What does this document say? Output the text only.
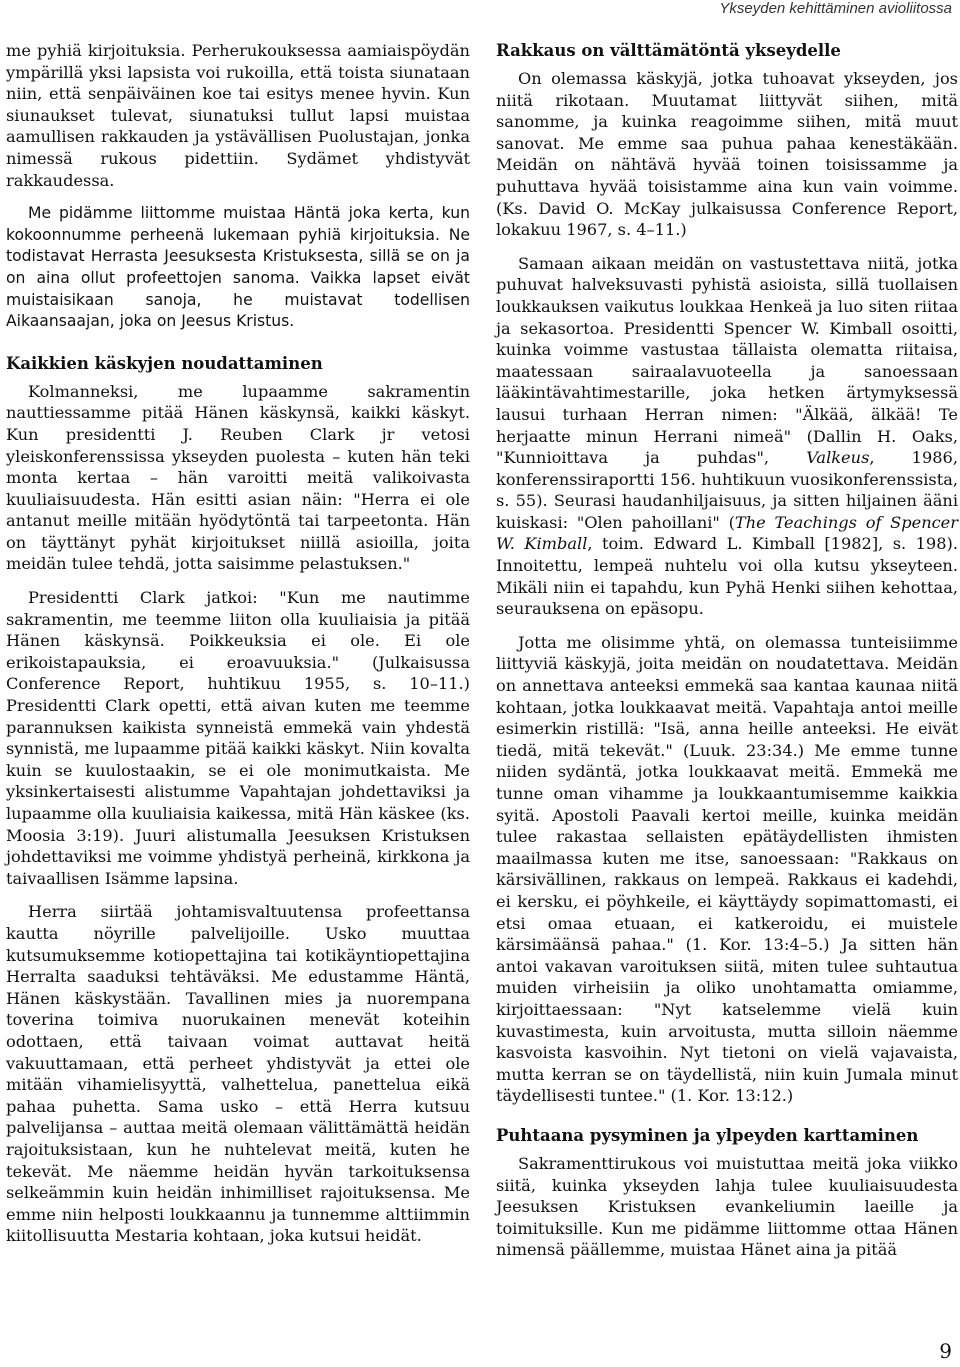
Ykseyden kehittäminen avioliitossa

me pyhiä kirjoituksia. Perherukouksessa aamiaispöydän ympärillä yksi lapsista voi rukoilla, että toista siunataan niin, että senpäiväinen koe tai esitys menee hyvin. Kun siunaukset tulevat, siunatuksi tullut lapsi muistaa aamullisen rakkauden ja ystävällisen Puolustajan, jonka nimessä rukous pidettiin. Sydämet yhdistyvät rakkaudessa.

Me pidämme liittomme muistaa Häntä joka kerta, kun kokoonnumme perheenä lukemaan pyhiä kirjoituksia. Ne todistavat Herrasta Jeesuksesta Kristuksesta, sillä se on ja on aina ollut profeettojen sanoma. Vaikka lapset eivät muistaisikaan sanoja, he muistavat todellisen Aikaansaajan, joka on Jeesus Kristus.

Kaikkien käskyjen noudattaminen

Kolmanneksi, me lupaamme sakramentin nauttiessamme pitää Hänen käskynsä, kaikki käskyt. Kun presidentti J. Reuben Clark jr vetosi yleiskonferenssissa ykseyden puolesta – kuten hän teki monta kertaa – hän varoitti meitä valikoivasta kuuliaisuudesta. Hän esitti asian näin: "Herra ei ole antanut meille mitään hyödytöntä tai tarpeetonta. Hän on täyttänyt pyhät kirjoitukset niillä asioilla, joita meidän tulee tehdä, jotta saisimme pelastuksen."

Presidentti Clark jatkoi: "Kun me nautimme sakramentin, me teemme liiton olla kuuliaisia ja pitää Hänen käskynsä. Poikkeuksia ei ole. Ei ole erikoistapauksia, ei eroavuuksia." (Julkaisussa Conference Report, huhtikuu 1955, s. 10–11.) Presidentti Clark opetti, että aivan kuten me teemme parannuksen kaikista synneistä emmekä vain yhdestä synnistä, me lupaamme pitää kaikki käskyt. Niin kovalta kuin se kuulostaakin, se ei ole monimutkaista. Me yksinkertaisesti alistumme Vapahtajan johdettaviksi ja lupaamme olla kuuliaisia kaikessa, mitä Hän käskee (ks. Moosia 3:19). Juuri alistumalla Jeesuksen Kristuksen johdettaviksi me voimme yhdistyä perheinä, kirkkona ja taivaallisen Isämme lapsina.

Herra siirtää johtamisvaltuutensa profeettansa kautta nöyrille palvelijoille. Usko muuttaa kutsumuksemme kotiopettajina tai kotikäyntiopettajina Herralta saaduksi tehtäväksi. Me edustamme Häntä, Hänen käskystään. Tavallinen mies ja nuorempana toverina toimiva nuorukainen menevät koteihin odottaen, että taivaan voimat auttavat heitä vakuuttamaan, että perheet yhdistyvät ja ettei ole mitään vihamielisyyttä, valhettelua, panettelua eikä pahaa puhetta. Sama usko – että Herra kutsuu palvelijansa – auttaa meitä olemaan välittämättä heidän rajoituksistaan, kun he nuhtelevat meitä, kuten he tekevät. Me näemme heidän hyvän tarkoituksensa selkeämmin kuin heidän inhimilliset rajoituksensa. Me emme niin helposti loukkaannu ja tunnemme alttiimmin kiitollisuutta Mestaria kohtaan, joka kutsui heidät.

Rakkaus on välttämätöntä ykseydelle

On olemassa käskyjä, jotka tuhoavat ykseyden, jos niitä rikotaan. Muutamat liittyvät siihen, mitä sanomme, ja kuinka reagoimme siihen, mitä muut sanovat. Me emme saa puhua pahaa kenestäkään. Meidän on nähtävä hyvää toinen toisissamme ja puhuttava hyvää toisistamme aina kun vain voimme. (Ks. David O. McKay julkaisussa Conference Report, lokakuu 1967, s. 4–11.)

Samaan aikaan meidän on vastustettava niitä, jotka puhuvat halveksuvasti pyhistä asioista, sillä tuollaisen loukkauksen vaikutus loukkaa Henkeä ja luo siten riitaa ja sekasortoa. Presidentti Spencer W. Kimball osoitti, kuinka voimme vastustaa tällaista olematta riitaisa, maatessaan sairaalavuoteella ja sanoessaan lääkintävahtimestarille, joka hetken ärtymyksessä lausui turhaan Herran nimen: "Älkää, älkää! Te herjaatte minun Herrani nimeä" (Dallin H. Oaks, "Kunnioittava ja puhdas", Valkeus, 1986, konferenssiraportti 156. huhtikuun vuosikonferenssista, s. 55). Seurasi haudanhiljaisuus, ja sitten hiljainen ääni kuiskasi: "Olen pahoillani" (The Teachings of Spencer W. Kimball, toim. Edward L. Kimball [1982], s. 198). Innoitettu, lempeä nuhtelu voi olla kutsu ykseyteen. Mikäli niin ei tapahdu, kun Pyhä Henki siihen kehottaa, seurauksena on epäsopu.

Jotta me olisimme yhtä, on olemassa tunteisiimme liittyviä käskyjä, joita meidän on noudatettava. Meidän on annettava anteeksi emmekä saa kantaa kaunaa niitä kohtaan, jotka loukkaavat meitä. Vapahtaja antoi meille esimerkin ristillä: "Isä, anna heille anteeksi. He eivät tiedä, mitä tekevät." (Luuk. 23:34.) Me emme tunne niiden sydäntä, jotka loukkaavat meitä. Emmekä me tunne oman vihamme ja loukkaantumisemme kaikkia syitä. Apostoli Paavali kertoi meille, kuinka meidän tulee rakastaa sellaisten epätäydellisten ihmisten maailmassa kuten me itse, sanoessaan: "Rakkaus on kärsivällinen, rakkaus on lempeä. Rakkaus ei kadehdi, ei kersku, ei pöyhkeile, ei käyttäydy sopimattomasti, ei etsi omaa etuaan, ei katkeroidu, ei muistele kärsimäänsä pahaa." (1. Kor. 13:4–5.) Ja sitten hän antoi vakavan varoituksen siitä, miten tulee suhtautua muiden virheisiin ja oliko unohtamatta omiamme, kirjoittaessaan: "Nyt katselemme vielä kuin kuvastimesta, kuin arvoitusta, mutta silloin näemme kasvoista kasvoihin. Nyt tietoni on vielä vajavaista, mutta kerran se on täydellistä, niin kuin Jumala minut täydellisesti tuntee." (1. Kor. 13:12.)

Puhtaana pysyminen ja ylpeyden karttaminen

Sakramenttirukous voi muistuttaa meitä joka viikko siitä, kuinka ykseyden lahja tulee kuuliaisuudesta Jeesuksen Kristuksen evankeliumin laeille ja toimituksille. Kun me pidämme liittomme ottaa Hänen nimensä päällemme, muistaa Hänet aina ja pitää

9
